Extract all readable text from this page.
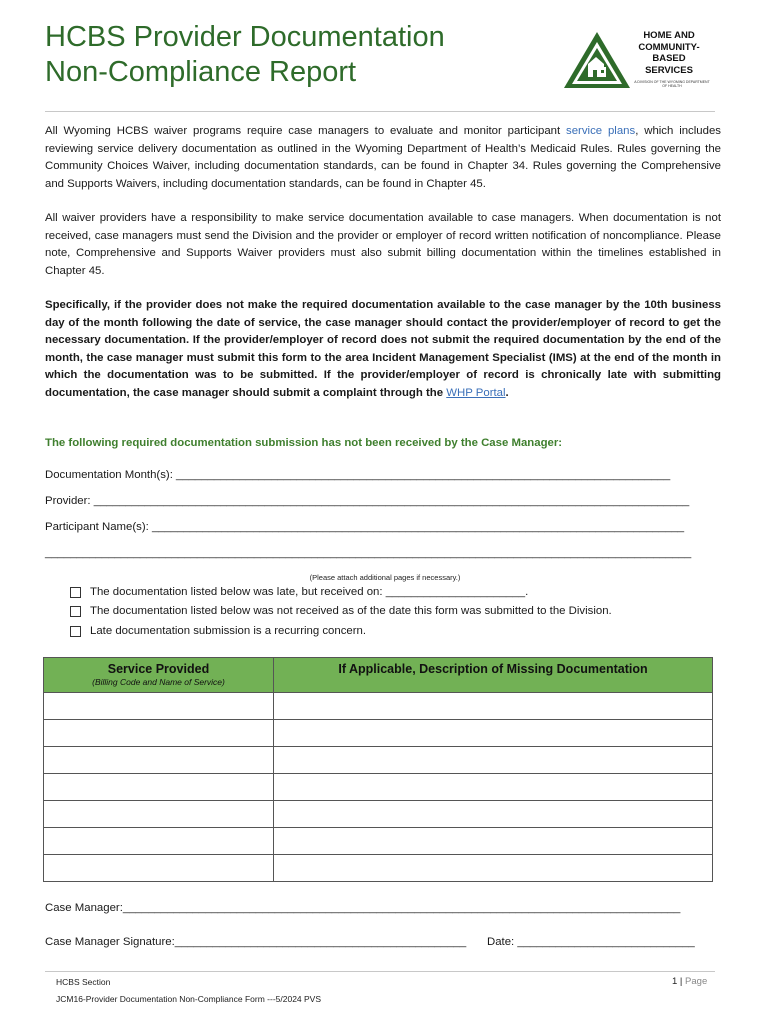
HCBS Provider Documentation
Non-Compliance Report
HOME AND
COMMUNITY-
BASED
SERVICES
A DIVISION OF THE WYOMING DEPARTMENT OF HEALTH
All Wyoming HCBS waiver programs require case managers to evaluate and monitor participant service plans, which includes reviewing service delivery documentation as outlined in the Wyoming Department of Health’s Medicaid Rules. Rules governing the Community Choices Waiver, including documentation standards, can be found in Chapter 34. Rules governing the Comprehensive and Supports Waivers, including documentation standards, can be found in Chapter 45.
All waiver providers have a responsibility to make service documentation available to case managers. When documentation is not received, case managers must send the Division and the provider or employer of record written notification of noncompliance. Please note, Comprehensive and Supports Waiver providers must also submit billing documentation within the timelines established in Chapter 45.
Specifically, if the provider does not make the required documentation available to the case manager by the 10th business day of the month following the date of service, the case manager should contact the provider/employer of record to get the necessary documentation. If the provider/employer of record does not submit the required documentation by the end of the month, the case manager must submit this form to the area Incident Management Specialist (IMS) at the end of the month in which the documentation was to be submitted. If the provider/employer of record is chronically late with submitting documentation, the case manager should submit a complaint through the WHP Portal.
The following required documentation submission has not been received by the Case Manager:
Documentation Month(s): ______________________________________________________________________________
Provider: ______________________________________________________________________________________________
Participant Name(s): ____________________________________________________________________________________
______________________________________________________________________________________________________
(Please attach additional pages if necessary.)
The documentation listed below was late, but received on: ______________________.
The documentation listed below was not received as of the date this form was submitted to the Division.
Late documentation submission is a recurring concern.
Service Provided
(Billing Code and Name of Service)	If Applicable, Description of Missing Documentation

Case Manager:________________________________________________________________________________________
Case Manager Signature:______________________________________________ Date: ____________________________
HCBS Section
JCM16-Provider Documentation Non-Compliance Form ---5/2024 PVS
1 | Page
